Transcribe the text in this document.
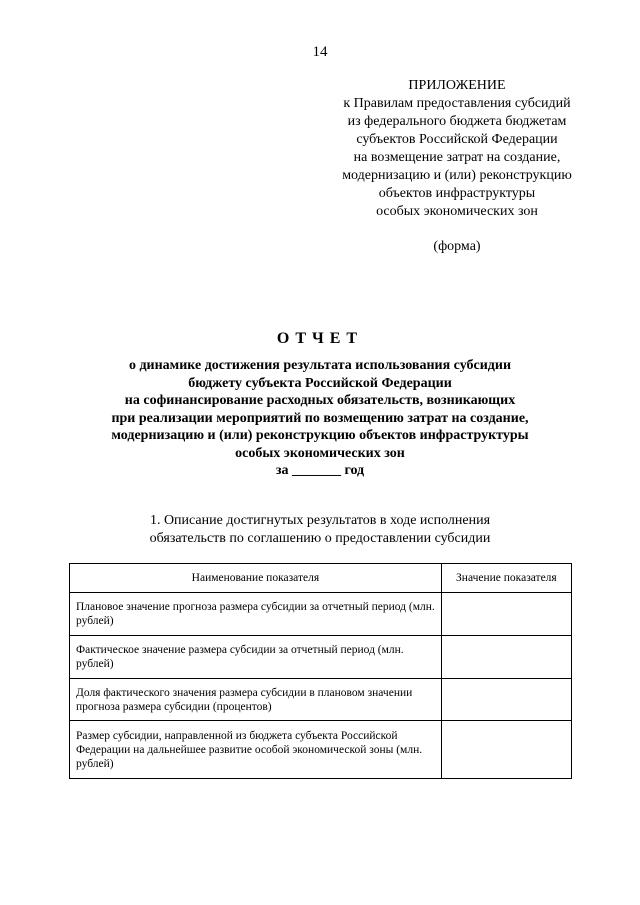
14
ПРИЛОЖЕНИЕ
к Правилам предоставления субсидий
из федерального бюджета бюджетам
субъектов Российской Федерации
на возмещение затрат на создание,
модернизацию и (или) реконструкцию
объектов инфраструктуры
особых экономических зон
(форма)
ОТЧЕТ
о динамике достижения результата использования субсидии
бюджету субъекта Российской Федерации
на софинансирование расходных обязательств, возникающих
при реализации мероприятий по возмещению затрат на создание,
модернизацию и (или) реконструкцию объектов инфраструктуры
особых экономических зон
за _______ год
1. Описание достигнутых результатов в ходе исполнения
обязательств по соглашению о предоставлении субсидии
Наименование показателя	Значение показателя
Плановое значение прогноза размера субсидии за отчетный период (млн. рублей)	
Фактическое значение размера субсидии за отчетный период (млн. рублей)	
Доля фактического значения размера субсидии в плановом значении прогноза размера субсидии (процентов)	
Размер субсидии, направленной из бюджета субъекта Российской Федерации на дальнейшее развитие особой экономической зоны (млн. рублей)	
